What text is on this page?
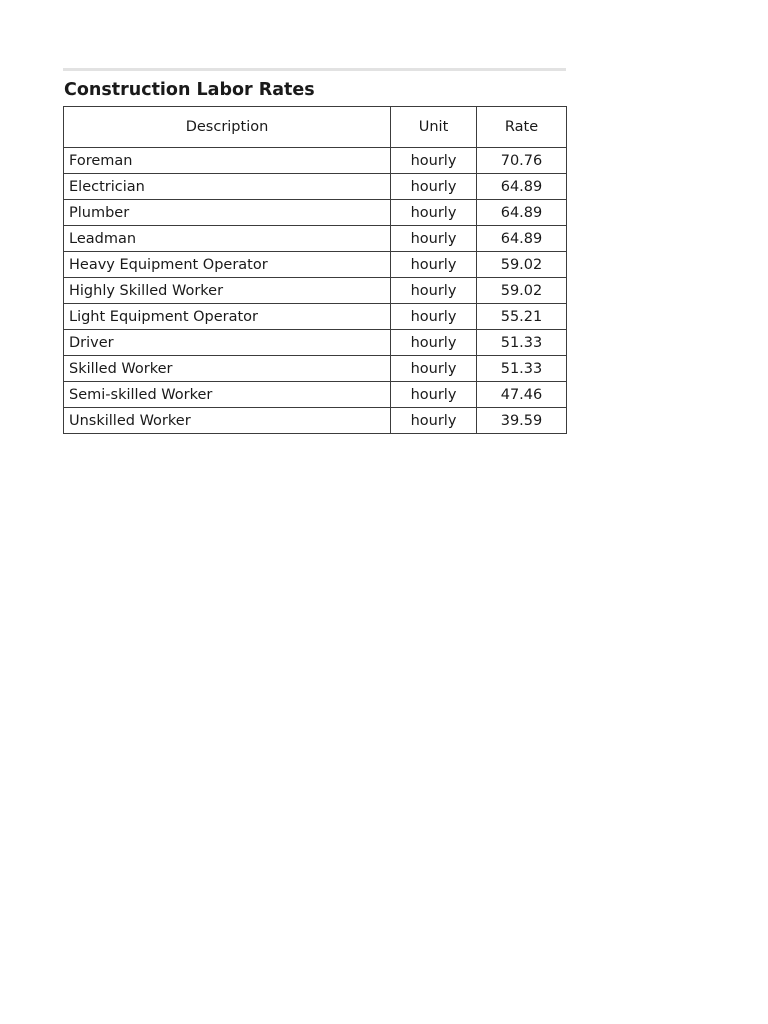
Construction Labor Rates
Description	Unit	Rate
Foreman	hourly	70.76
Electrician	hourly	64.89
Plumber	hourly	64.89
Leadman	hourly	64.89
Heavy Equipment Operator	hourly	59.02
Highly Skilled Worker	hourly	59.02
Light Equipment Operator	hourly	55.21
Driver	hourly	51.33
Skilled Worker	hourly	51.33
Semi-skilled Worker	hourly	47.46
Unskilled Worker	hourly	39.59
